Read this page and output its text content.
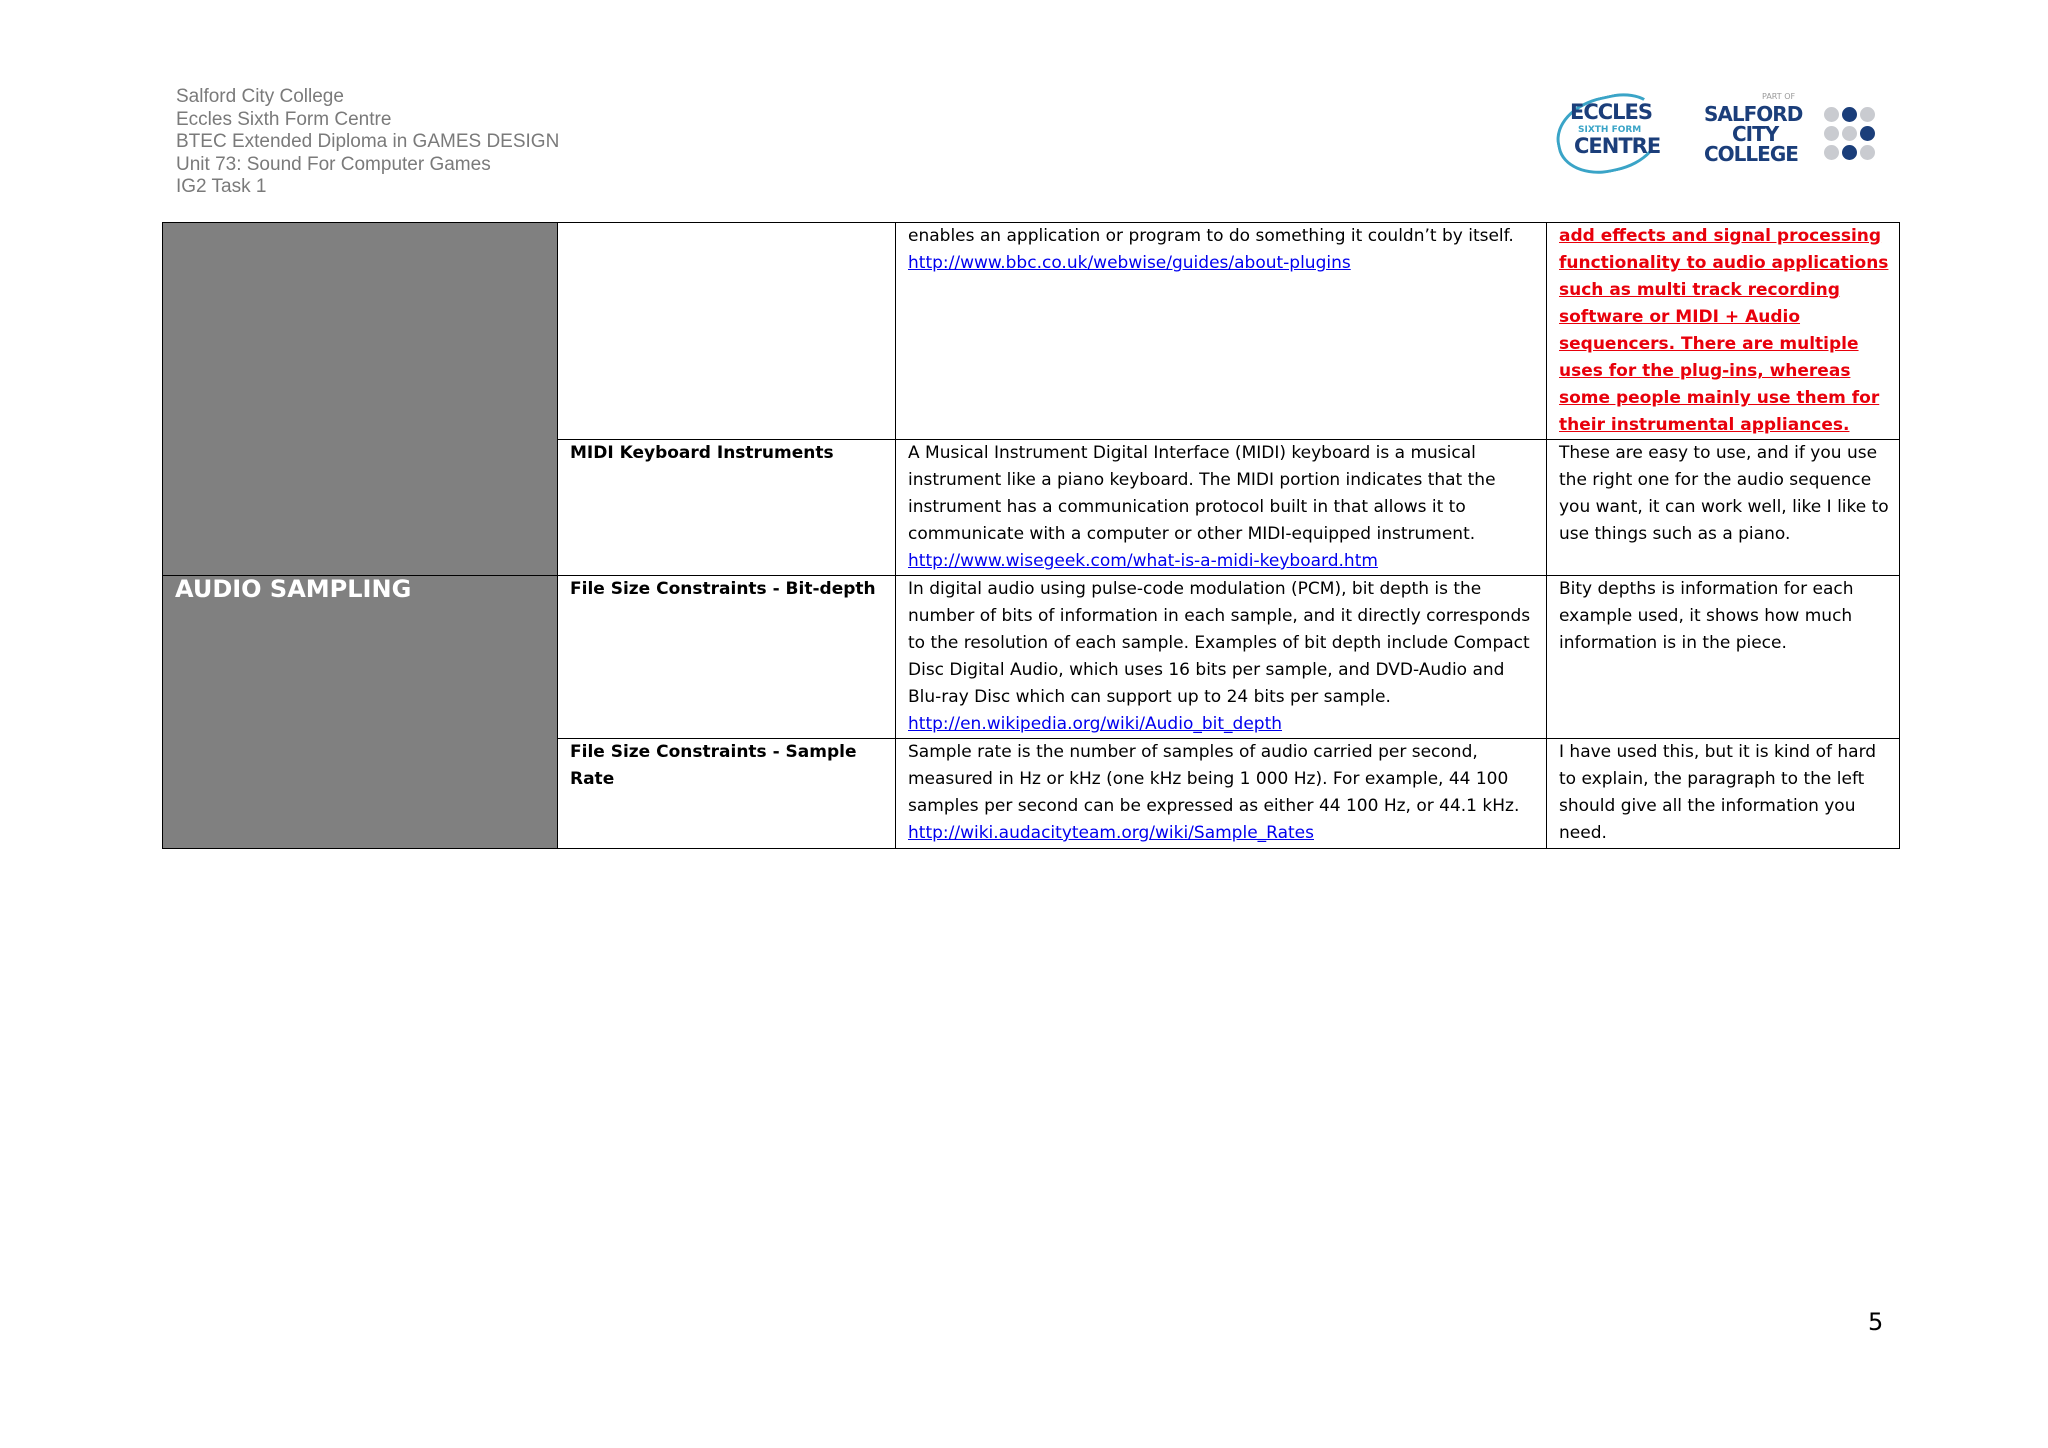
Salford City College
Eccles Sixth Form Centre
BTEC Extended Diploma in GAMES DESIGN
Unit 73: Sound For Computer Games
IG2 Task 1
ECCLES
SIXTH FORM
CENTRE
PART OF
SALFORD
CITY
COLLEGE
		enables an application or program to do something it couldn’t by itself. http://www.bbc.co.uk/webwise/guides/about-plugins	add effects and signal processing functionality to audio applications such as multi track recording software or MIDI + Audio sequencers. There are multiple uses for the plug-ins, whereas some people mainly use them for their instrumental appliances.
	MIDI Keyboard Instruments	A Musical Instrument Digital Interface (MIDI) keyboard is a musical instrument like a piano keyboard. The MIDI portion indicates that the instrument has a communication protocol built in that allows it to communicate with a computer or other MIDI-equipped instrument. http://www.wisegeek.com/what-is-a-midi-keyboard.htm	These are easy to use, and if you use the right one for the audio sequence you want, it can work well, like I like to use things such as a piano.
AUDIO SAMPLING	File Size Constraints - Bit-depth	In digital audio using pulse-code modulation (PCM), bit depth is the number of bits of information in each sample, and it directly corresponds to the resolution of each sample. Examples of bit depth include Compact Disc Digital Audio, which uses 16 bits per sample, and DVD-Audio and Blu-ray Disc which can support up to 24 bits per sample. http://en.wikipedia.org/wiki/Audio_bit_depth	Bity depths is information for each example used, it shows how much information is in the piece.
	File Size Constraints - Sample Rate	Sample rate is the number of samples of audio carried per second, measured in Hz or kHz (one kHz being 1 000 Hz). For example, 44 100 samples per second can be expressed as either 44 100 Hz, or 44.1 kHz. http://wiki.audacityteam.org/wiki/Sample_Rates	I have used this, but it is kind of hard to explain, the paragraph to the left should give all the information you need.
5
